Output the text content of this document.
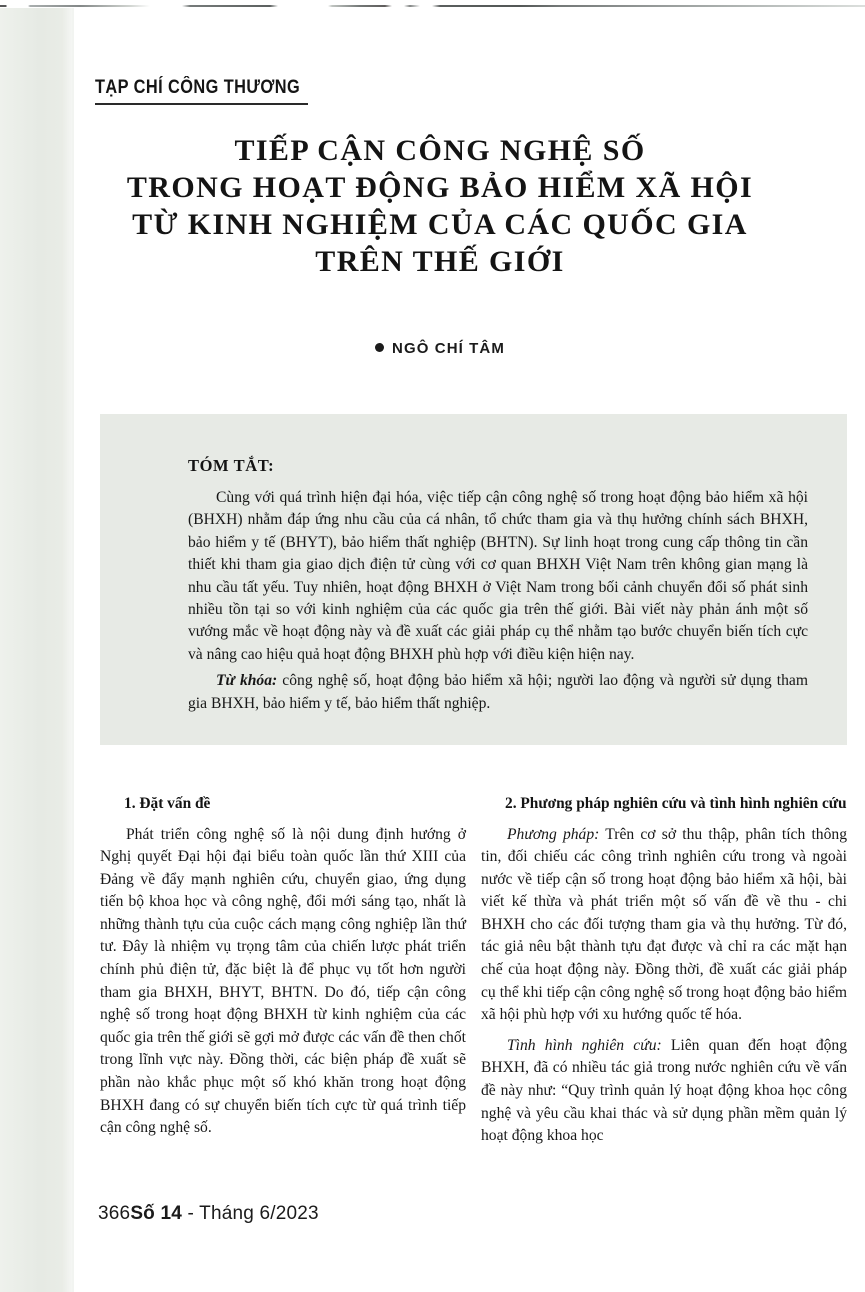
TẠP CHÍ CÔNG THƯƠNG
TIẾP CẬN CÔNG NGHỆ SỐ
TRONG HOẠT ĐỘNG BẢO HIỂM XÃ HỘI
TỪ KINH NGHIỆM CỦA CÁC QUỐC GIA
TRÊN THẾ GIỚI
NGÔ CHÍ TÂM
TÓM TẮT:

Cùng với quá trình hiện đại hóa, việc tiếp cận công nghệ số trong hoạt động bảo hiểm xã hội (BHXH) nhằm đáp ứng nhu cầu của cá nhân, tổ chức tham gia và thụ hưởng chính sách BHXH, bảo hiểm y tế (BHYT), bảo hiểm thất nghiệp (BHTN). Sự linh hoạt trong cung cấp thông tin cần thiết khi tham gia giao dịch điện tử cùng với cơ quan BHXH Việt Nam trên không gian mạng là nhu cầu tất yếu. Tuy nhiên, hoạt động BHXH ở Việt Nam trong bối cảnh chuyển đổi số phát sinh nhiều tồn tại so với kinh nghiệm của các quốc gia trên thế giới. Bài viết này phản ánh một số vướng mắc về hoạt động này và đề xuất các giải pháp cụ thể nhằm tạo bước chuyển biến tích cực và nâng cao hiệu quả hoạt động BHXH phù hợp với điều kiện hiện nay.

Từ khóa: công nghệ số, hoạt động bảo hiểm xã hội; người lao động và người sử dụng tham gia BHXH, bảo hiểm y tế, bảo hiểm thất nghiệp.

1. Đặt vấn đề

Phát triển công nghệ số là nội dung định hướng ở Nghị quyết Đại hội đại biểu toàn quốc lần thứ XIII của Đảng về đẩy mạnh nghiên cứu, chuyển giao, ứng dụng tiến bộ khoa học và công nghệ, đổi mới sáng tạo, nhất là những thành tựu của cuộc cách mạng công nghiệp lần thứ tư. Đây là nhiệm vụ trọng tâm của chiến lược phát triển chính phủ điện tử, đặc biệt là để phục vụ tốt hơn người tham gia BHXH, BHYT, BHTN. Do đó, tiếp cận công nghệ số trong hoạt động BHXH từ kinh nghiệm của các quốc gia trên thế giới sẽ gợi mở được các vấn đề then chốt trong lĩnh vực này. Đồng thời, các biện pháp đề xuất sẽ phần nào khắc phục một số khó khăn trong hoạt động BHXH đang có sự chuyển biến tích cực từ quá trình tiếp cận công nghệ số.

2. Phương pháp nghiên cứu và tình hình nghiên cứu

Phương pháp: Trên cơ sở thu thập, phân tích thông tin, đối chiếu các công trình nghiên cứu trong và ngoài nước về tiếp cận số trong hoạt động bảo hiểm xã hội, bài viết kế thừa và phát triển một số vấn đề về thu - chi BHXH cho các đối tượng tham gia và thụ hưởng. Từ đó, tác giả nêu bật thành tựu đạt được và chỉ ra các mặt hạn chế của hoạt động này. Đồng thời, đề xuất các giải pháp cụ thể khi tiếp cận công nghệ số trong hoạt động bảo hiểm xã hội phù hợp với xu hướng quốc tế hóa.

Tình hình nghiên cứu: Liên quan đến hoạt động BHXH, đã có nhiều tác giả trong nước nghiên cứu về vấn đề này như: “Quy trình quản lý hoạt động khoa học công nghệ và yêu cầu khai thác và sử dụng phần mềm quản lý hoạt động khoa học

366Số 14 - Tháng 6/2023
